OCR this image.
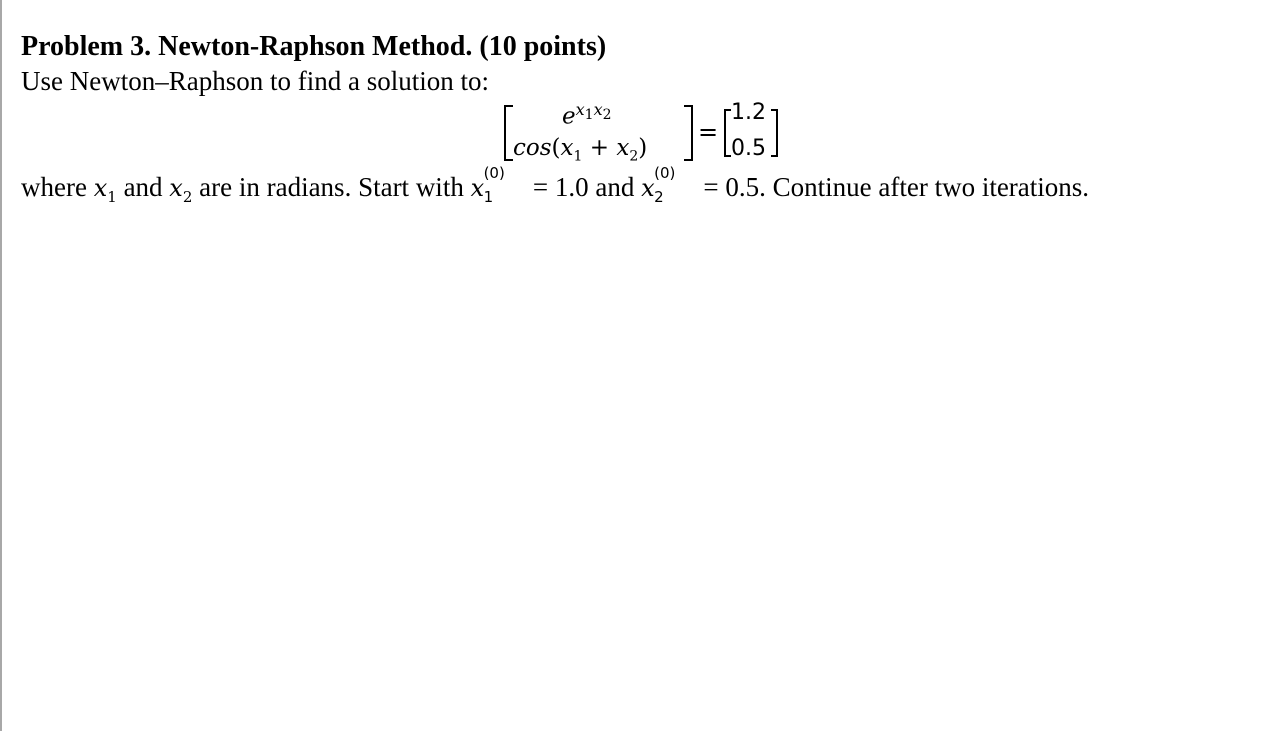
Problem 3. Newton-Raphson Method. (10 points)
Use Newton–Raphson to find a solution to:
$e^{x_1x_2}$
$\cos(x_1 + x_2)$
=
1.2
0.5
where $x_1$ and $x_2$ are in radians. Start with x
(0)
1 = 1.0 and x
(0)
2 = 0.5. Continue after two iterations.
